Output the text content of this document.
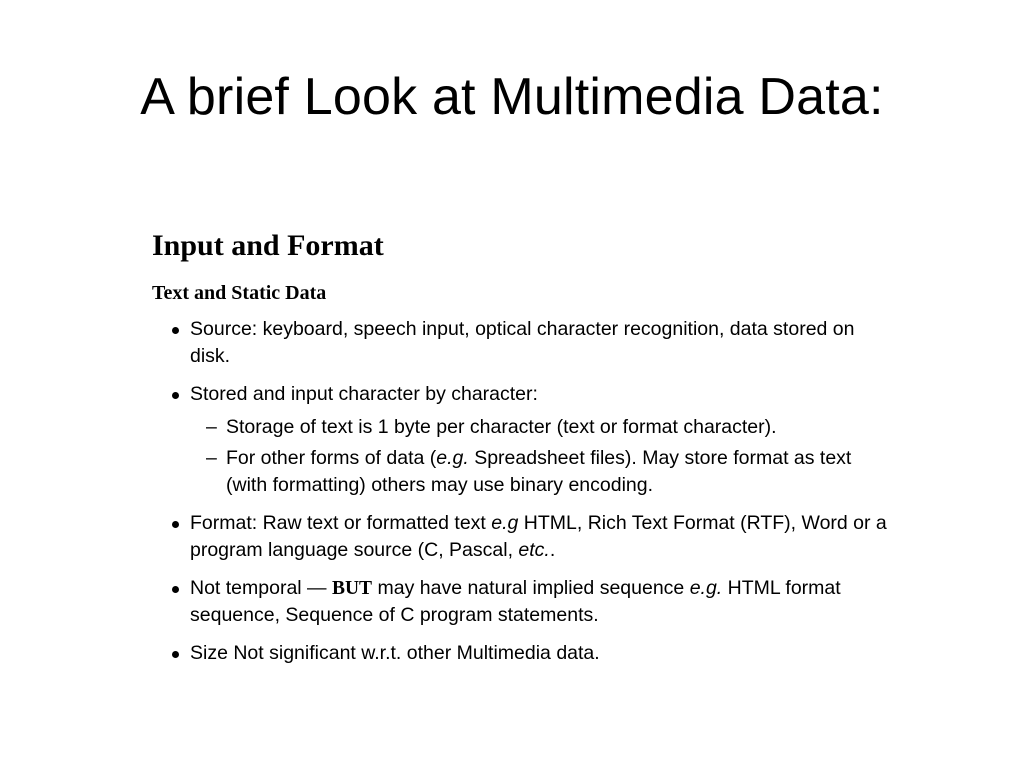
A brief Look at Multimedia Data:
Input and Format
Text and Static Data
Source: keyboard, speech input, optical character recognition, data stored on disk.
Stored and input character by character:
– Storage of text is 1 byte per character (text or format character).
– For other forms of data (e.g. Spreadsheet files). May store format as text (with formatting) others may use binary encoding.
Format: Raw text or formatted text e.g HTML, Rich Text Format (RTF), Word or a program language source (C, Pascal, etc..
Not temporal — BUT may have natural implied sequence e.g. HTML format sequence, Sequence of C program statements.
Size Not significant w.r.t. other Multimedia data.
